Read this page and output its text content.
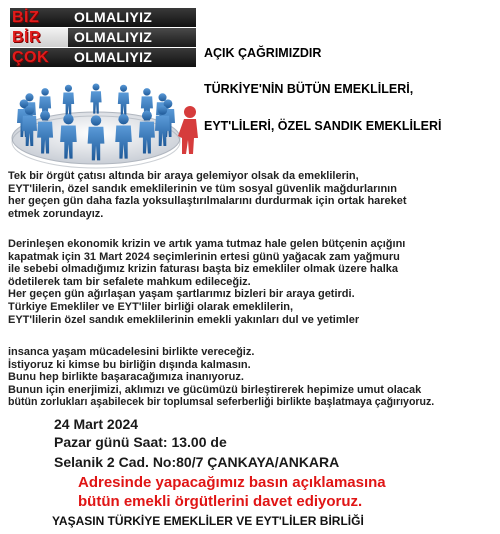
BİZ OLMALIYIZ
BİR OLMALIYIZ
ÇOK OLMALIYIZ	AÇIK ÇAĞRIMIZDIR
TÜRKİYE'NİN BÜTÜN EMEKLİLERİ,
EYT'LİLERİ, ÖZEL SANDIK EMEKLİLERİ
Tek bir örgüt çatısı altında bir araya gelemiyor olsak da emeklilerin,
EYT'lilerin, özel sandık emeklilerinin ve tüm sosyal güvenlik mağdurlarının
her geçen gün daha fazla yoksullaştırılmalarını durdurmak için ortak hareket
etmek zorundayız.
Derinleşen ekonomik krizin ve artık yama tutmaz hale gelen bütçenin açığını
kapatmak için 31 Mart 2024 seçimlerinin ertesi günü yağacak zam yağmuru
ile sebebi olmadığımız krizin faturası başta biz emekliler olmak üzere halka
ödetilerek tam bir sefalete mahkum edileceğiz.
Her geçen gün ağırlaşan yaşam şartlarımız bizleri bir araya getirdi.
Türkiye Emekliler ve EYT'liler birliği olarak emeklilerin,
EYT'lilerin özel sandık emeklilerinin emekli yakınları dul ve yetimler
insanca yaşam mücadelesini birlikte vereceğiz.
İstiyoruz ki kimse bu birliğin dışında kalmasın.
Bunu hep birlikte başaracağımıza inanıyoruz.
Bunun için enerjimizi, aklımızı ve gücümüzü birleştirerek hepimize umut olacak
bütün zorlukları aşabilecek bir toplumsal seferberliği birlikte başlatmaya çağırıyoruz.
24 Mart 2024
Pazar günü Saat: 13.00 de
Selanik 2 Cad. No:80/7 ÇANKAYA/ANKARA
Adresinde yapacağımız basın açıklamasına
bütün emekli örgütlerini davet ediyoruz.
YAŞASIN TÜRKİYE EMEKLİLER VE EYT'LİLER BİRLİĞİ
